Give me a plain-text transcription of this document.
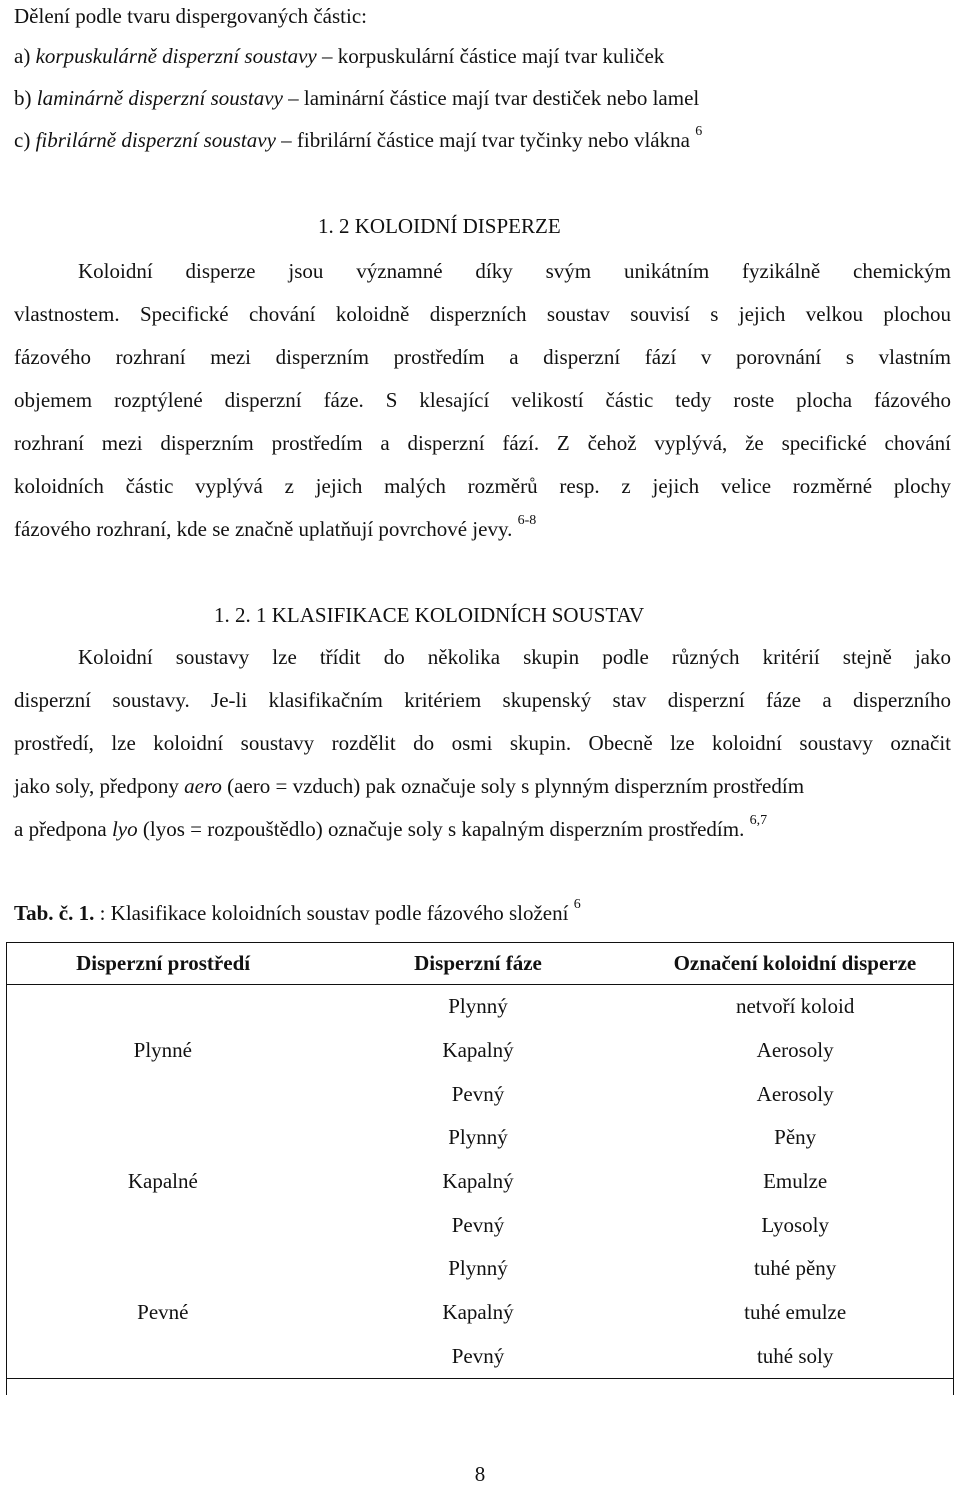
Dělení podle tvaru dispergovaných částic:
a) korpuskulárně disperzní soustavy – korpuskulární částice mají tvar kuliček
b) laminárně disperzní soustavy – laminární částice mají tvar destiček nebo lamel
c) fibrilárně disperzní soustavy – fibrilární částice mají tvar tyčinky nebo vlákna $^6$
1. 2 KOLOIDNÍ DISPERZE
Koloidní disperze jsou významné díky svým unikátním fyzikálně chemickým
vlastnostem. Specifické chování koloidně disperzních soustav souvisí s jejich velkou plochou
fázového rozhraní mezi disperzním prostředím a disperzní fází v porovnání s vlastním
objemem rozptýlené disperzní fáze. S klesající velikostí částic tedy roste plocha fázového
rozhraní mezi disperzním prostředím a disperzní fází. Z čehož vyplývá, že specifické chování
koloidních částic vyplývá z jejich malých rozměrů resp. z jejich velice rozměrné plochy
fázového rozhraní, kde se značně uplatňují povrchové jevy. $^{6-8}$
1. 2. 1 KLASIFIKACE KOLOIDNÍCH SOUSTAV
Koloidní soustavy lze třídit do několika skupin podle různých kritérií stejně jako
disperzní soustavy. Je-li klasifikačním kritériem skupenský stav disperzní fáze a disperzního
prostředí, lze koloidní soustavy rozdělit do osmi skupin. Obecně lze koloidní soustavy označit
jako soly, předpony aero (aero = vzduch) pak označuje soly s plynným disperzním prostředím
a předpona lyo (lyos = rozpouštědlo) označuje soly s kapalným disperzním prostředím. $^{6,7}$
Tab. č. 1. : Klasifikace koloidních soustav podle fázového složení $^6$
Disperzní prostředí	Disperzní fáze	Označení koloidní disperze
Plynné	Plynný	netvoří koloid
	Kapalný	Aerosoly
	Pevný	Aerosoly
Kapalné	Plynný	Pěny
	Kapalný	Emulze
	Pevný	Lyosoly
Pevné	Plynný	tuhé pěny
	Kapalný	tuhé emulze
	Pevný	tuhé soly
8
